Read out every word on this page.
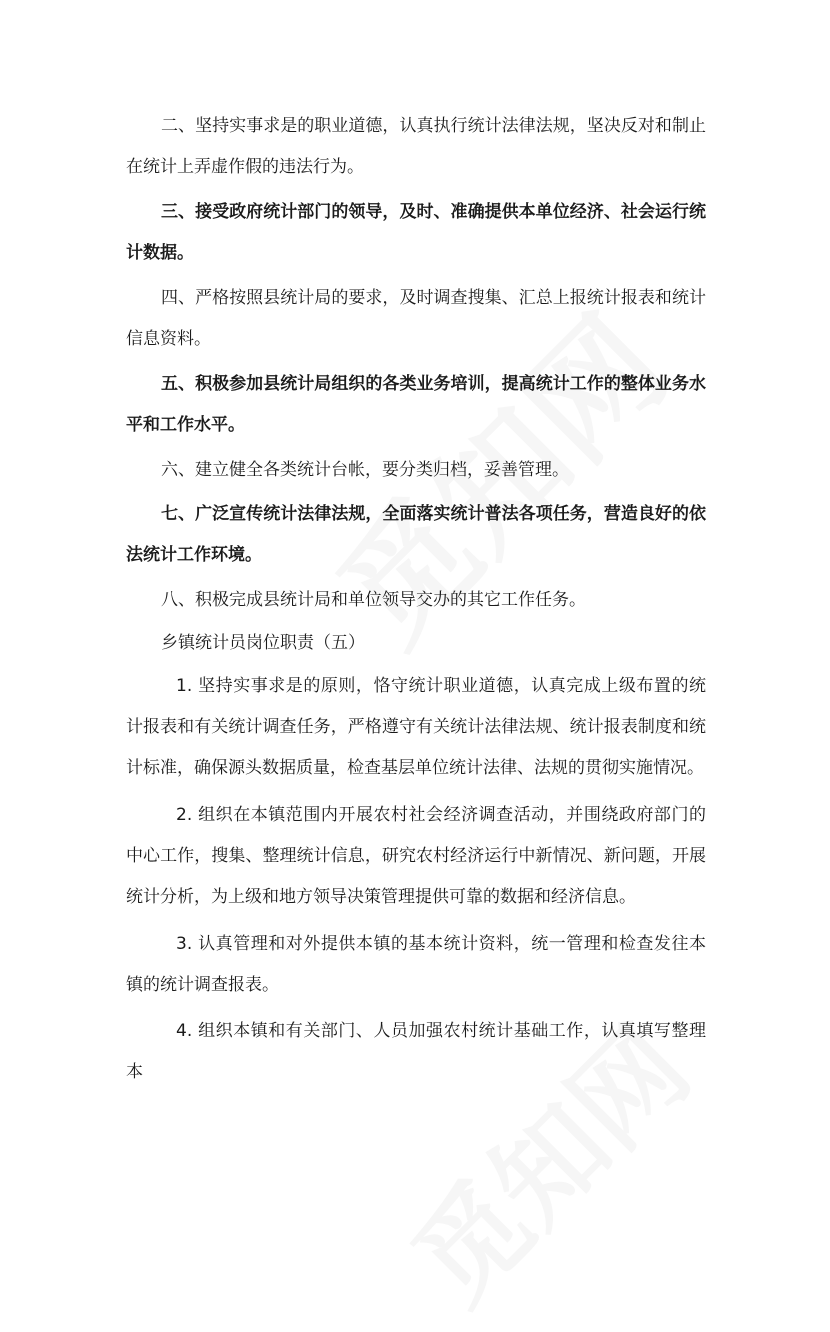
二、坚持实事求是的职业道德，认真执行统计法律法规，坚决反对和制止在统计上弄虚作假的违法行为。

三、接受政府统计部门的领导，及时、准确提供本单位经济、社会运行统计数据。

四、严格按照县统计局的要求，及时调查搜集、汇总上报统计报表和统计信息资料。

五、积极参加县统计局组织的各类业务培训，提高统计工作的整体业务水平和工作水平。

六、建立健全各类统计台帐，要分类归档，妥善管理。

七、广泛宣传统计法律法规，全面落实统计普法各项任务，营造良好的依法统计工作环境。

八、积极完成县统计局和单位领导交办的其它工作任务。

乡镇统计员岗位职责（五）

1. 坚持实事求是的原则，恪守统计职业道德，认真完成上级布置的统计报表和有关统计调查任务，严格遵守有关统计法律法规、统计报表制度和统计标准，确保源头数据质量，检查基层单位统计法律、法规的贯彻实施情况。

2. 组织在本镇范围内开展农村社会经济调查活动，并围绕政府部门的中心工作，搜集、整理统计信息，研究农村经济运行中新情况、新问题，开展统计分析，为上级和地方领导决策管理提供可靠的数据和经济信息。

3. 认真管理和对外提供本镇的基本统计资料，统一管理和检查发往本镇的统计调查报表。

4. 组织本镇和有关部门、人员加强农村统计基础工作，认真填写整理本
